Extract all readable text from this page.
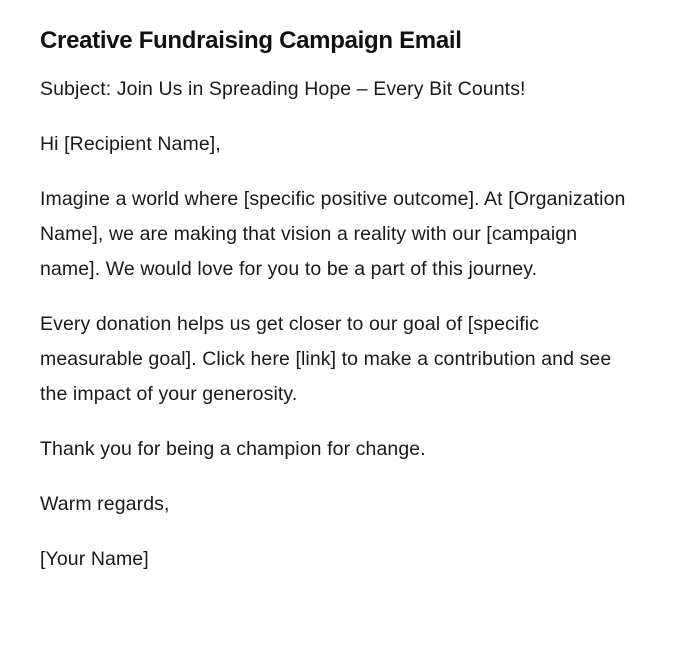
Creative Fundraising Campaign Email

Subject: Join Us in Spreading Hope – Every Bit Counts!

Hi [Recipient Name],

Imagine a world where [specific positive outcome]. At [Organization Name], we are making that vision a reality with our [campaign name]. We would love for you to be a part of this journey.

Every donation helps us get closer to our goal of [specific measurable goal]. Click here [link] to make a contribution and see the impact of your generosity.

Thank you for being a champion for change.

Warm regards,

[Your Name]
